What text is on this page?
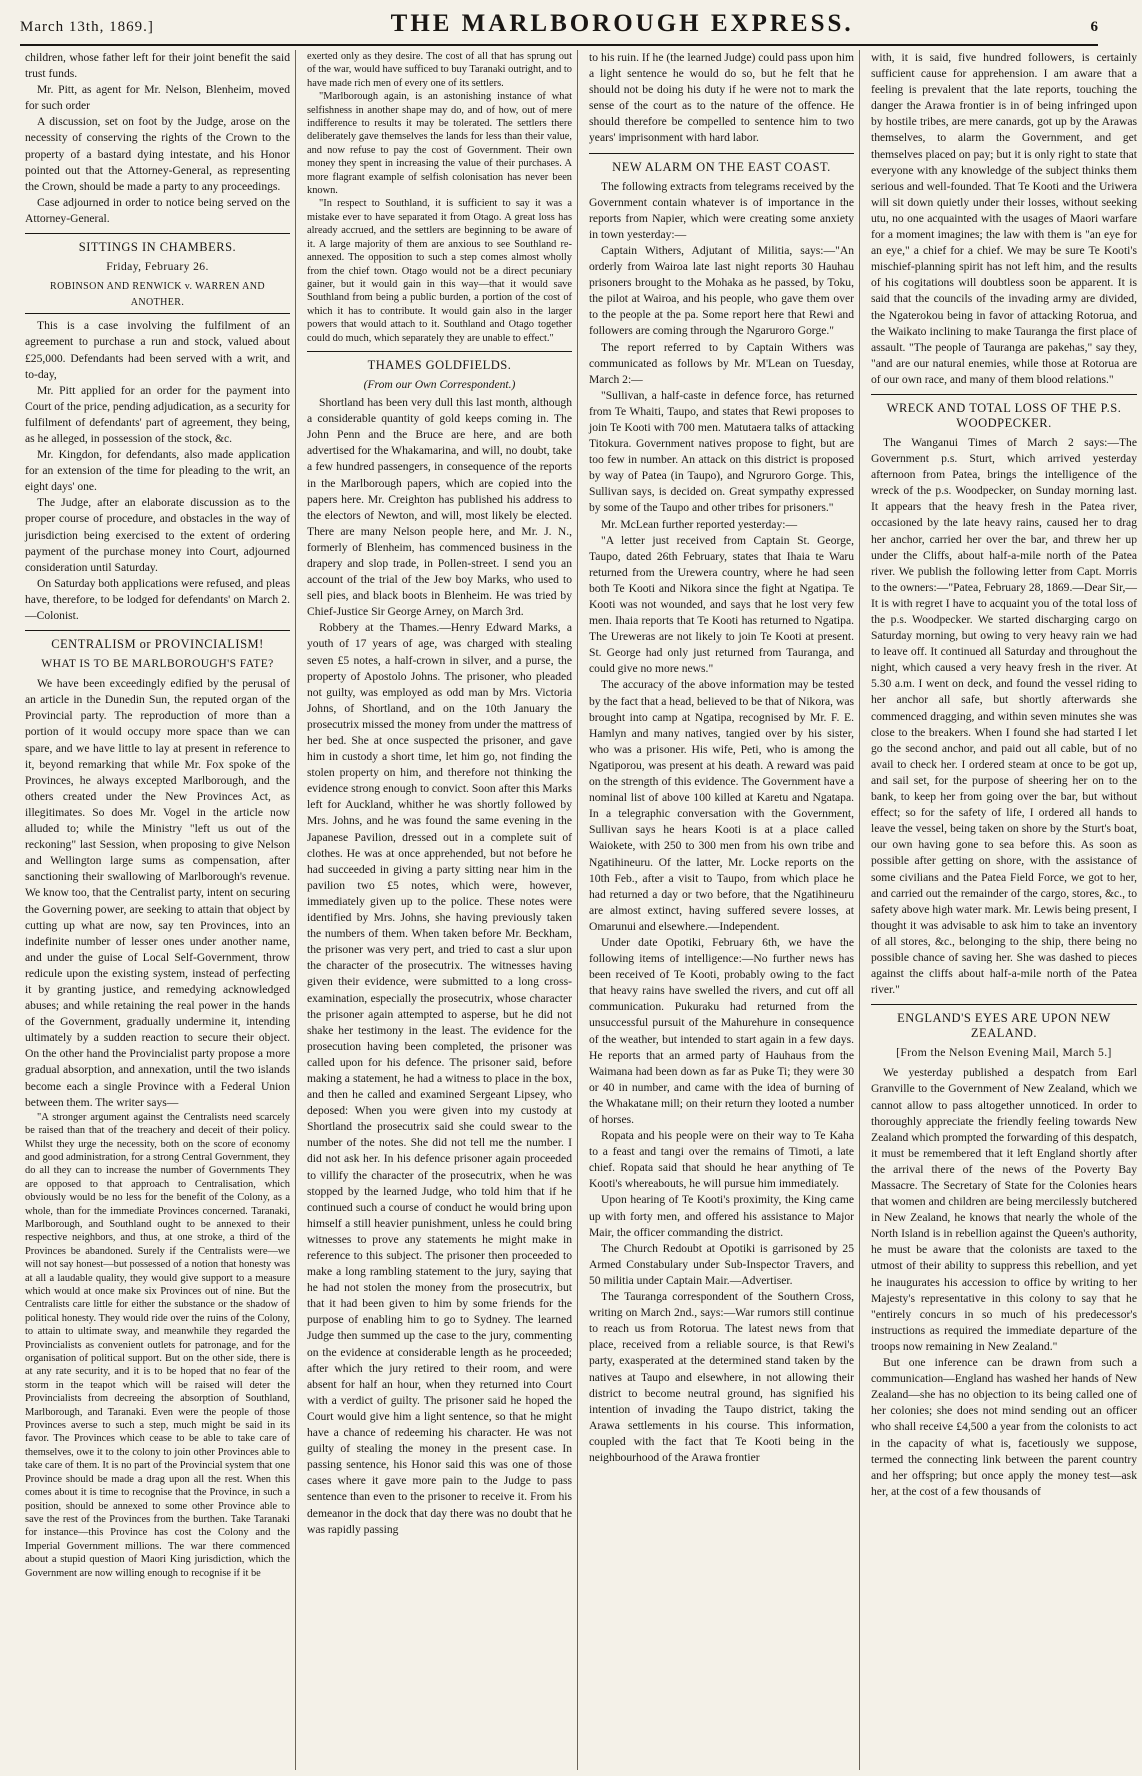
March 13th, 1869.]	THE MARLBOROUGH EXPRESS.	6

children, whose father left for their joint benefit the said trust funds.

Mr. Pitt, as agent for Mr. Nelson, Blenheim, moved for such order

A discussion, set on foot by the Judge, arose on the necessity of conserving the rights of the Crown to the property of a bastard dying intestate, and his Honor pointed out that the Attorney-General, as representing the Crown, should be made a party to any proceedings.

Case adjourned in order to notice being served on the Attorney-General.

SITTINGS IN CHAMBERS.
Friday, February 26.
ROBINSON AND RENWICK v. WARREN AND ANOTHER.

This is a case involving the fulfilment of an agreement to purchase a run and stock, valued about £25,000. Defendants had been served with a writ, and to-day,

Mr. Pitt applied for an order for the payment into Court of the price, pending adjudication, as a security for fulfilment of defendants' part of agreement, they being, as he alleged, in possession of the stock, &c.

Mr. Kingdon, for defendants, also made application for an extension of the time for pleading to the writ, an eight days' one.

The Judge, after an elaborate discussion as to the proper course of procedure, and obstacles in the way of jurisdiction being exercised to the extent of ordering payment of the purchase money into Court, adjourned consideration until Saturday.

On Saturday both applications were refused, and pleas have, therefore, to be lodged for defendants' on March 2.—Colonist.

CENTRALISM or PROVINCIALISM!
WHAT IS TO BE MARLBOROUGH'S FATE?

We have been exceedingly edified by the perusal of an article in the Dunedin Sun, the reputed organ of the Provincial party. The reproduction of more than a portion of it would occupy more space than we can spare, and we have little to lay at present in reference to it, beyond remarking that while Mr. Fox spoke of the Provinces, he always excepted Marlborough, and the others created under the New Provinces Act, as illegitimates. So does Mr. Vogel in the article now alluded to; while the Ministry "left us out of the reckoning" last Session, when proposing to give Nelson and Wellington large sums as compensation, after sanctioning their swallowing of Marlborough's revenue. We know too, that the Centralist party, intent on securing the Governing power, are seeking to attain that object by cutting up what are now, say ten Provinces, into an indefinite number of lesser ones under another name, and under the guise of Local Self-Government, throw redicule upon the existing system, instead of perfecting it by granting justice, and remedying acknowledged abuses; and while retaining the real power in the hands of the Government, gradually undermine it, intending ultimately by a sudden reaction to secure their object. On the other hand the Provincialist party propose a more gradual absorption, and annexation, until the two islands become each a single Province with a Federal Union between them. The writer says—

"A stronger argument against the Centralists need scarcely be raised than that of the treachery and deceit of their policy. Whilst they urge the necessity, both on the score of economy and good administration, for a strong Central Government, they do all they can to increase the number of Governments They are opposed to that approach to Centralisation, which obviously would be no less for the benefit of the Colony, as a whole, than for the immediate Provinces concerned. Taranaki, Marlborough, and Southland ought to be annexed to their respective neighbors, and thus, at one stroke, a third of the Provinces be abandoned. Surely if the Centralists were—we will not say honest—but possessed of a notion that honesty was at all a laudable quality, they would give support to a measure which would at once make six Provinces out of nine. But the Centralists care little for either the substance or the shadow of political honesty. They would ride over the ruins of the Colony, to attain to ultimate sway, and meanwhile they regarded the Provincialists as convenient outlets for patronage, and for the organisation of political support. But on the other side, there is at any rate security, and it is to be hoped that no fear of the storm in the teapot which will be raised will deter the Provincialists from decreeing the absorption of Southland, Marlborough, and Taranaki. Even were the people of those Provinces averse to such a step, much might be said in its favor. The Provinces which cease to be able to take care of themselves, owe it to the colony to join other Provinces able to take care of them. It is no part of the Provincial system that one Province should be made a drag upon all the rest. When this comes about it is time to recognise that the Province, in such a position, should be annexed to some other Province able to save the rest of the Provinces from the burthen. Take Taranaki for instance—this Province has cost the Colony and the Imperial Government millions. The war there commenced about a stupid question of Maori King jurisdiction, which the Government are now willing enough to recognise if it be

exerted only as they desire. The cost of all that has sprung out of the war, would have sufficed to buy Taranaki outright, and to have made rich men of every one of its settlers.

"Marlborough again, is an astonishing instance of what selfishness in another shape may do, and of how, out of mere indifference to results it may be tolerated. The settlers there deliberately gave themselves the lands for less than their value, and now refuse to pay the cost of Government. Their own money they spent in increasing the value of their purchases. A more flagrant example of selfish colonisation has never been known.

"In respect to Southland, it is sufficient to say it was a mistake ever to have separated it from Otago. A great loss has already accrued, and the settlers are beginning to be aware of it. A large majority of them are anxious to see Southland re-annexed. The opposition to such a step comes almost wholly from the chief town. Otago would not be a direct pecuniary gainer, but it would gain in this way—that it would save Southland from being a public burden, a portion of the cost of which it has to contribute. It would gain also in the larger powers that would attach to it. Southland and Otago together could do much, which separately they are unable to effect."

THAMES GOLDFIELDS.
(From our Own Correspondent.)

Shortland has been very dull this last month, although a considerable quantity of gold keeps coming in. The John Penn and the Bruce are here, and are both advertised for the Whakamarina, and will, no doubt, take a few hundred passengers, in consequence of the reports in the Marlborough papers, which are copied into the papers here. Mr. Creighton has published his address to the electors of Newton, and will, most likely be elected. There are many Nelson people here, and Mr. J. N., formerly of Blenheim, has commenced business in the drapery and slop trade, in Pollen-street. I send you an account of the trial of the Jew boy Marks, who used to sell pies, and black boots in Blenheim. He was tried by Chief-Justice Sir George Arney, on March 3rd.

Robbery at the Thames.—Henry Edward Marks, a youth of 17 years of age, was charged with stealing seven £5 notes, a half-crown in silver, and a purse, the property of Apostolo Johns. The prisoner, who pleaded not guilty, was employed as odd man by Mrs. Victoria Johns, of Shortland, and on the 10th January the prosecutrix missed the money from under the mattress of her bed. She at once suspected the prisoner, and gave him in custody a short time, let him go, not finding the stolen property on him, and therefore not thinking the evidence strong enough to convict. Soon after this Marks left for Auckland, whither he was shortly followed by Mrs. Johns, and he was found the same evening in the Japanese Pavilion, dressed out in a complete suit of clothes. He was at once apprehended, but not before he had succeeded in giving a party sitting near him in the pavilion two £5 notes, which were, however, immediately given up to the police. These notes were identified by Mrs. Johns, she having previously taken the numbers of them. When taken before Mr. Beckham, the prisoner was very pert, and tried to cast a slur upon the character of the prosecutrix. The witnesses having given their evidence, were submitted to a long cross-examination, especially the prosecutrix, whose character the prisoner again attempted to asperse, but he did not shake her testimony in the least. The evidence for the prosecution having been completed, the prisoner was called upon for his defence. The prisoner said, before making a statement, he had a witness to place in the box, and then he called and examined Sergeant Lipsey, who deposed: When you were given into my custody at Shortland the prosecutrix said she could swear to the number of the notes. She did not tell me the number. I did not ask her. In his defence prisoner again proceeded to villify the character of the prosecutrix, when he was stopped by the learned Judge, who told him that if he continued such a course of conduct he would bring upon himself a still heavier punishment, unless he could bring witnesses to prove any statements he might make in reference to this subject. The prisoner then proceeded to make a long rambling statement to the jury, saying that he had not stolen the money from the prosecutrix, but that it had been given to him by some friends for the purpose of enabling him to go to Sydney. The learned Judge then summed up the case to the jury, commenting on the evidence at considerable length as he proceeded; after which the jury retired to their room, and were absent for half an hour, when they returned into Court with a verdict of guilty. The prisoner said he hoped the Court would give him a light sentence, so that he might have a chance of redeeming his character. He was not guilty of stealing the money in the present case. In passing sentence, his Honor said this was one of those cases where it gave more pain to the Judge to pass sentence than even to the prisoner to receive it. From his demeanor in the dock that day there was no doubt that he was rapidly passing

to his ruin. If he (the learned Judge) could pass upon him a light sentence he would do so, but he felt that he should not be doing his duty if he were not to mark the sense of the court as to the nature of the offence. He should therefore be compelled to sentence him to two years' imprisonment with hard labor.

NEW ALARM ON THE EAST COAST.

The following extracts from telegrams received by the Government contain whatever is of importance in the reports from Napier, which were creating some anxiety in town yesterday:—

Captain Withers, Adjutant of Militia, says:—"An orderly from Wairoa late last night reports 30 Hauhau prisoners brought to the Mohaka as he passed, by Toku, the pilot at Wairoa, and his people, who gave them over to the people at the pa. Some report here that Rewi and followers are coming through the Ngaruroro Gorge."

The report referred to by Captain Withers was communicated as follows by Mr. M'Lean on Tuesday, March 2:—

"Sullivan, a half-caste in defence force, has returned from Te Whaiti, Taupo, and states that Rewi proposes to join Te Kooti with 700 men. Matutaera talks of attacking Titokura. Government natives propose to fight, but are too few in number. An attack on this district is proposed by way of Patea (in Taupo), and Ngruroro Gorge. This, Sullivan says, is decided on. Great sympathy expressed by some of the Taupo and other tribes for prisoners."

Mr. McLean further reported yesterday:—

"A letter just received from Captain St. George, Taupo, dated 26th February, states that Ihaia te Waru returned from the Urewera country, where he had seen both Te Kooti and Nikora since the fight at Ngatipa. Te Kooti was not wounded, and says that he lost very few men. Ihaia reports that Te Kooti has returned to Ngatipa. The Ureweras are not likely to join Te Kooti at present. St. George had only just returned from Tauranga, and could give no more news."

The accuracy of the above information may be tested by the fact that a head, believed to be that of Nikora, was brought into camp at Ngatipa, recognised by Mr. F. E. Hamlyn and many natives, tangied over by his sister, who was a prisoner. His wife, Peti, who is among the Ngatiporou, was present at his death. A reward was paid on the strength of this evidence. The Government have a nominal list of above 100 killed at Karetu and Ngatapa. In a telegraphic conversation with the Government, Sullivan says he hears Kooti is at a place called Waiokete, with 250 to 300 men from his own tribe and Ngatihineuru. Of the latter, Mr. Locke reports on the 10th Feb., after a visit to Taupo, from which place he had returned a day or two before, that the Ngatihineuru are almost extinct, having suffered severe losses, at Omarunui and elsewhere.—Independent.

Under date Opotiki, February 6th, we have the following items of intelligence:—No further news has been received of Te Kooti, probably owing to the fact that heavy rains have swelled the rivers, and cut off all communication. Pukuraku had returned from the unsuccessful pursuit of the Mahurehure in consequence of the weather, but intended to start again in a few days. He reports that an armed party of Hauhaus from the Waimana had been down as far as Puke Ti; they were 30 or 40 in number, and came with the idea of burning of the Whakatane mill; on their return they looted a number of horses.

Ropata and his people were on their way to Te Kaha to a feast and tangi over the remains of Timoti, a late chief. Ropata said that should he hear anything of Te Kooti's whereabouts, he will pursue him immediately.

Upon hearing of Te Kooti's proximity, the King came up with forty men, and offered his assistance to Major Mair, the officer commanding the district.

The Church Redoubt at Opotiki is garrisoned by 25 Armed Constabulary under Sub-Inspector Travers, and 50 militia under Captain Mair.—Advertiser.

The Tauranga correspondent of the Southern Cross, writing on March 2nd., says:—War rumors still continue to reach us from Rotorua. The latest news from that place, received from a reliable source, is that Rewi's party, exasperated at the determined stand taken by the natives at Taupo and elsewhere, in not allowing their district to become neutral ground, has signified his intention of invading the Taupo district, taking the Arawa settlements in his course. This information, coupled with the fact that Te Kooti being in the neighbourhood of the Arawa frontier

with, it is said, five hundred followers, is certainly sufficient cause for apprehension. I am aware that a feeling is prevalent that the late reports, touching the danger the Arawa frontier is in of being infringed upon by hostile tribes, are mere canards, got up by the Arawas themselves, to alarm the Government, and get themselves placed on pay; but it is only right to state that everyone with any knowledge of the subject thinks them serious and well-founded. That Te Kooti and the Uriwera will sit down quietly under their losses, without seeking utu, no one acquainted with the usages of Maori warfare for a moment imagines; the law with them is "an eye for an eye," a chief for a chief. We may be sure Te Kooti's mischief-planning spirit has not left him, and the results of his cogitations will doubtless soon be apparent. It is said that the councils of the invading army are divided, the Ngaterokou being in favor of attacking Rotorua, and the Waikato inclining to make Tauranga the first place of assault. "The people of Tauranga are pakehas," say they, "and are our natural enemies, while those at Rotorua are of our own race, and many of them blood relations."

WRECK AND TOTAL LOSS OF THE P.S. WOODPECKER.

The Wanganui Times of March 2 says:—The Government p.s. Sturt, which arrived yesterday afternoon from Patea, brings the intelligence of the wreck of the p.s. Woodpecker, on Sunday morning last. It appears that the heavy fresh in the Patea river, occasioned by the late heavy rains, caused her to drag her anchor, carried her over the bar, and threw her up under the Cliffs, about half-a-mile north of the Patea river. We publish the following letter from Capt. Morris to the owners:—"Patea, February 28, 1869.—Dear Sir,—It is with regret I have to acquaint you of the total loss of the p.s. Woodpecker. We started discharging cargo on Saturday morning, but owing to very heavy rain we had to leave off. It continued all Saturday and throughout the night, which caused a very heavy fresh in the river. At 5.30 a.m. I went on deck, and found the vessel riding to her anchor all safe, but shortly afterwards she commenced dragging, and within seven minutes she was close to the breakers. When I found she had started I let go the second anchor, and paid out all cable, but of no avail to check her. I ordered steam at once to be got up, and sail set, for the purpose of sheering her on to the bank, to keep her from going over the bar, but without effect; so for the safety of life, I ordered all hands to leave the vessel, being taken on shore by the Sturt's boat, our own having gone to sea before this. As soon as possible after getting on shore, with the assistance of some civilians and the Patea Field Force, we got to her, and carried out the remainder of the cargo, stores, &c., to safety above high water mark. Mr. Lewis being present, I thought it was advisable to ask him to take an inventory of all stores, &c., belonging to the ship, there being no possible chance of saving her. She was dashed to pieces against the cliffs about half-a-mile north of the Patea river."

ENGLAND'S EYES ARE UPON NEW ZEALAND.
[From the Nelson Evening Mail, March 5.]

We yesterday published a despatch from Earl Granville to the Government of New Zealand, which we cannot allow to pass altogether unnoticed. In order to thoroughly appreciate the friendly feeling towards New Zealand which prompted the forwarding of this despatch, it must be remembered that it left England shortly after the arrival there of the news of the Poverty Bay Massacre. The Secretary of State for the Colonies hears that women and children are being mercilessly butchered in New Zealand, he knows that nearly the whole of the North Island is in rebellion against the Queen's authority, he must be aware that the colonists are taxed to the utmost of their ability to suppress this rebellion, and yet he inaugurates his accession to office by writing to her Majesty's representative in this colony to say that he "entirely concurs in so much of his predecessor's instructions as required the immediate departure of the troops now remaining in New Zealand."

But one inference can be drawn from such a communication—England has washed her hands of New Zealand—she has no objection to its being called one of her colonies; she does not mind sending out an officer who shall receive £4,500 a year from the colonists to act in the capacity of what is, facetiously we suppose, termed the connecting link between the parent country and her offspring; but once apply the money test—ask her, at the cost of a few thousands of
